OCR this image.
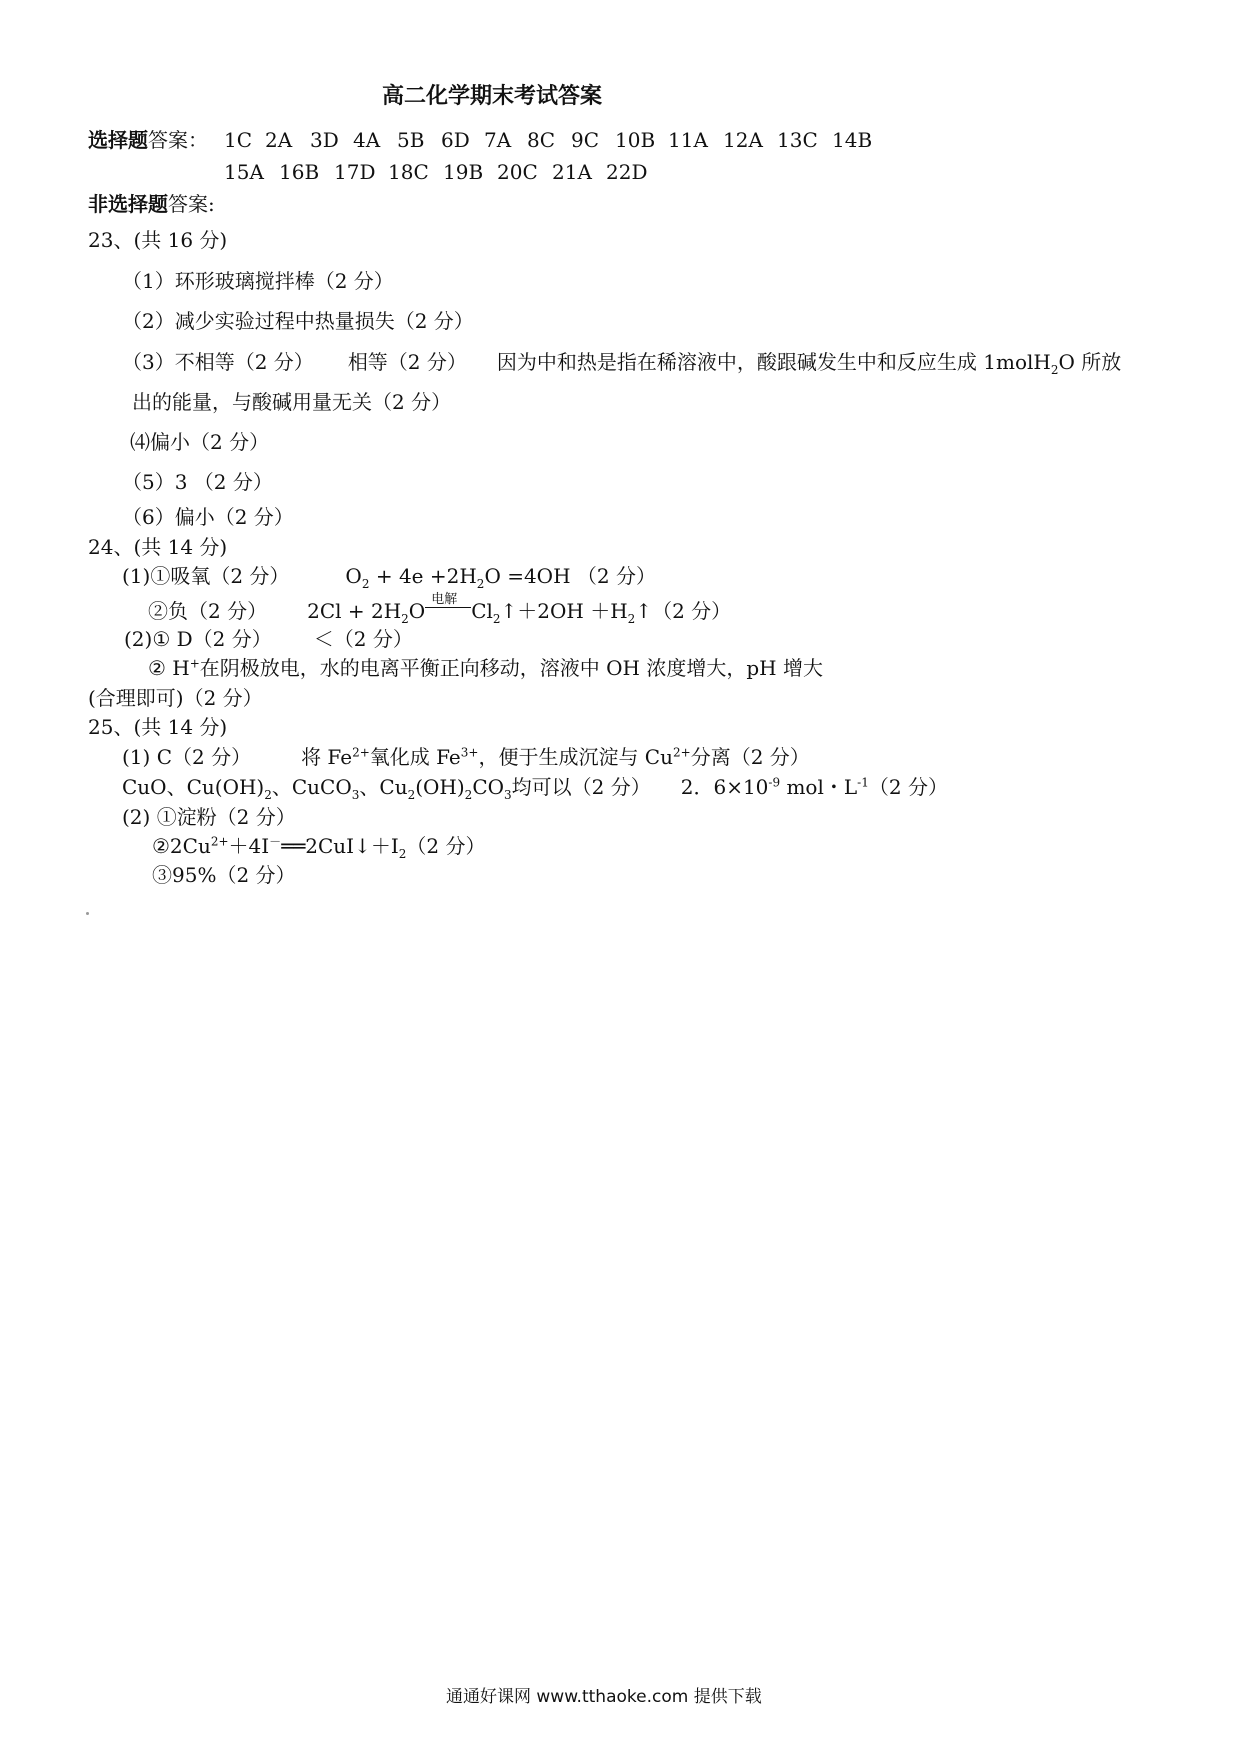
高二化学期末考试答案
选择题答案： 1C 2A 3D 4A 5B 6D 7A 8C 9C 10B 11A 12A 13C 14B
15A 16B 17D 18C 19B 20C 21A 22D
非选择题答案:
23、(共 16 分)
（1）环形玻璃搅拌棒（2 分）
（2）减少实验过程中热量损失（2 分）
（3）不相等（2 分） 相等（2 分） 因为中和热是指在稀溶液中，酸跟碱发生中和反应生成 1molH$_2$O 所放
出的能量，与酸碱用量无关（2 分）
⑷偏小（2 分）
（5）3 （2 分）
（6）偏小（2 分）
24、(共 14 分)
(1)①吸氧（2 分）	$O_2 + 4e +2H_2O =4OH$ （2 分）
②负（2 分） $2Cl + 2H_2O$ 电解 $Cl_2↑+2OH$ $+H_2↑(2$ 分）
(2)① D（2 分） ＜（2 分）
② H+在阴极放电，水的电离平衡正向移动，溶液中 OH 浓度增大，pH 增大
(合理即可)（2 分）
25、(共 14 分)
(1) C（2 分）	将 $Fe^{2+}$氧化成 $Fe^{3+}$，便于生成沉淀与 $Cu^{2+}$分离（2 分）
CuO、$Cu(OH)_2$、CuCO$_3$、$Cu_2(OH)_2CO_3$均可以（2 分） 2．$6\times 10^{-9}$ mol・$L^{-1}(2$ 分）
(2) ①淀粉（2 分）
$②2Cu^{2+}+4I^-══2CuI↓+I_2(2$ 分）
③95%（2 分）
通通好课网 www.tthaoke.com 提供下载
